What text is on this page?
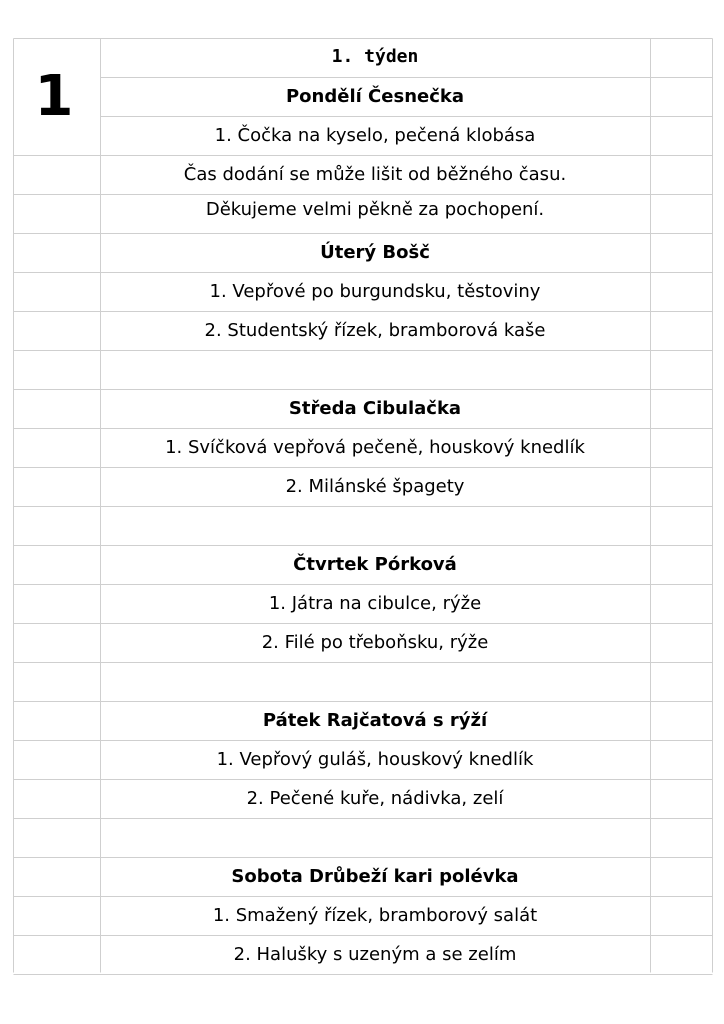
1
1. týden
Pondělí Česnečka
1. Čočka na kyselo, pečená klobása
Čas dodání se může lišit od běžného času.
Děkujeme velmi pěkně za pochopení.
Úterý Bošč
1. Vepřové po burgundsku, těstoviny
2. Studentský řízek, bramborová kaše
Středa Cibulačka
1. Svíčková vepřová pečeně, houskový knedlík
2. Milánské špagety
Čtvrtek Pórková
1. Játra na cibulce, rýže
2. Filé po třeboňsku, rýže
Pátek Rajčatová s rýží
1. Vepřový guláš, houskový knedlík
2. Pečené kuře, nádivka, zelí
Sobota Drůbeží kari polévka
1. Smažený řízek, bramborový salát
2. Halušky s uzeným a se zelím
